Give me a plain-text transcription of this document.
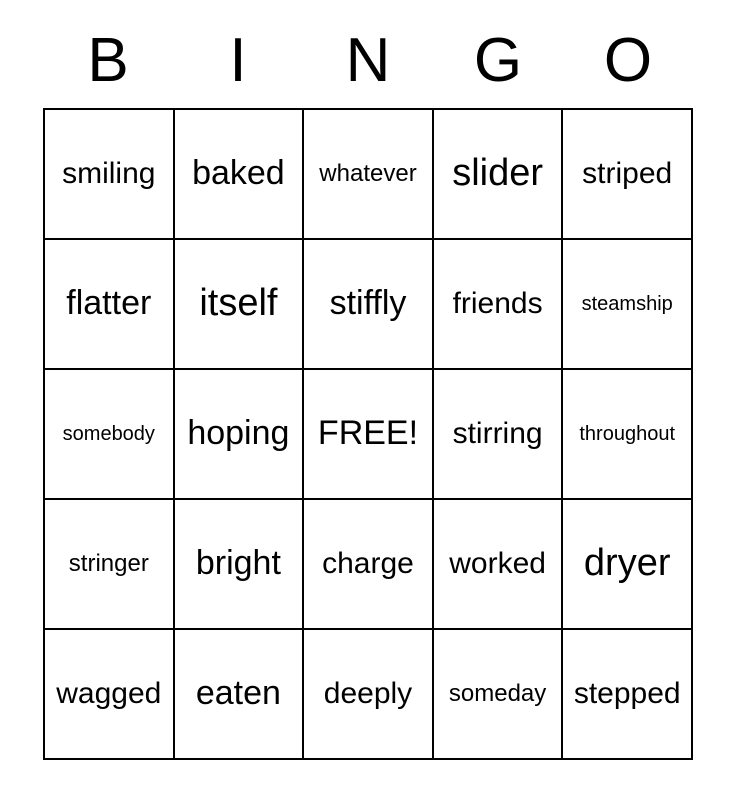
B	I	N	G	O
smiling baked whatever slider striped
flatter itself stiffly friends steamship
somebody hoping FREE! stirring throughout
stringer bright charge worked dryer
wagged eaten deeply someday stepped
